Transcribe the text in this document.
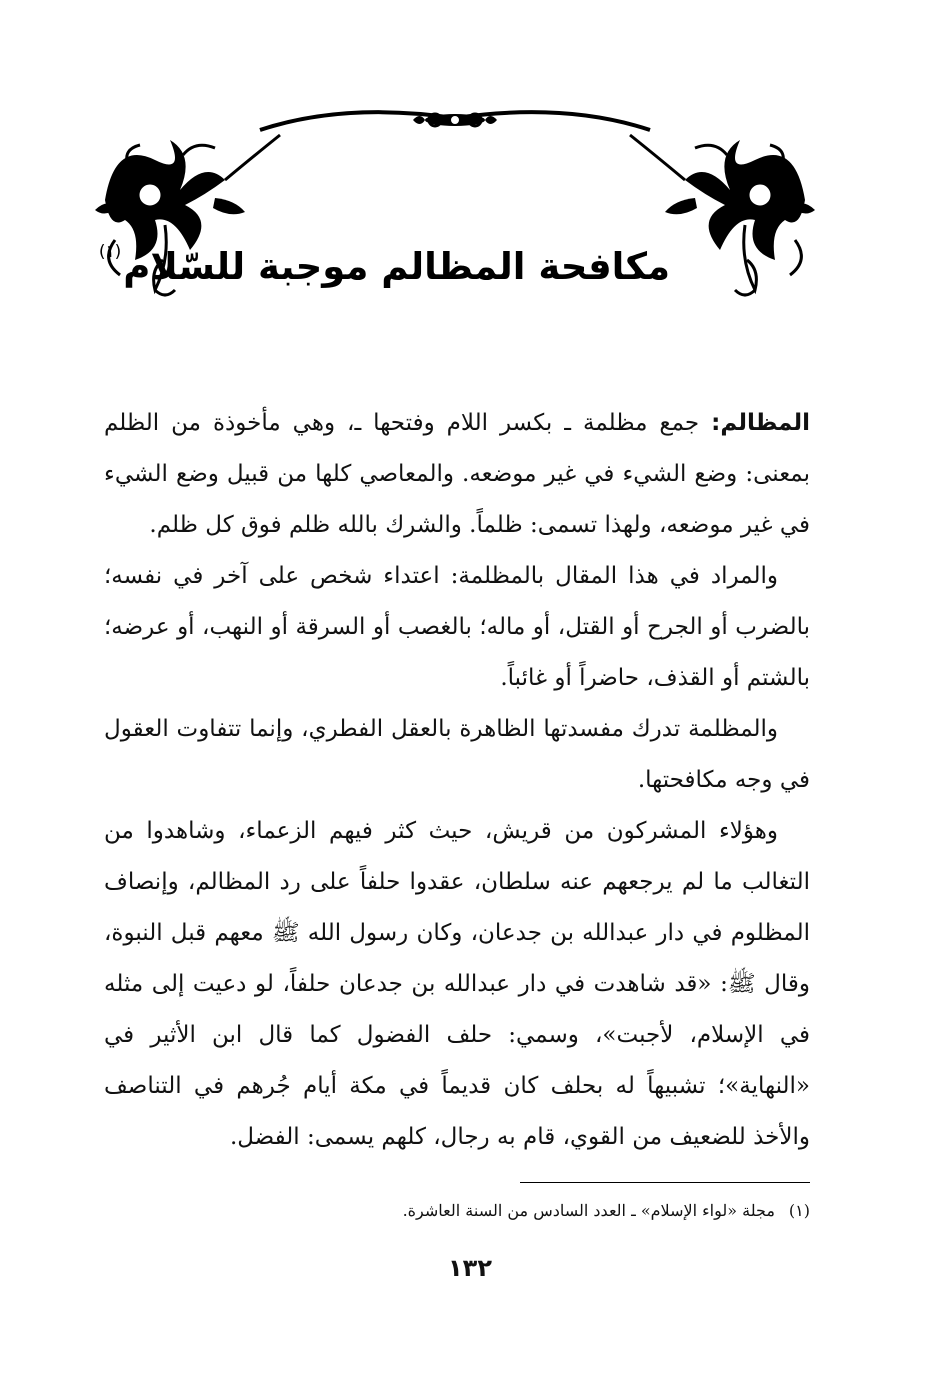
مكافحة المظالم موجبة للسّلام$^{(١)}$

المظالم: جمع مظلمة ـ بكسر اللام وفتحها ـ، وهي مأخوذة من الظلم بمعنى: وضع الشيء في غير موضعه. والمعاصي كلها من قبيل وضع الشيء في غير موضعه، ولهذا تسمى: ظلماً. والشرك بالله ظلم فوق كل ظلم.

والمراد في هذا المقال بالمظلمة: اعتداء شخص على آخر في نفسه؛ بالضرب أو الجرح أو القتل، أو ماله؛ بالغصب أو السرقة أو النهب، أو عرضه؛ بالشتم أو القذف، حاضراً أو غائباً.

والمظلمة تدرك مفسدتها الظاهرة بالعقل الفطري، وإنما تتفاوت العقول في وجه مكافحتها.

وهؤلاء المشركون من قريش، حيث كثر فيهم الزعماء، وشاهدوا من التغالب ما لم يرجعهم عنه سلطان، عقدوا حلفاً على رد المظالم، وإنصاف المظلوم في دار عبدالله بن جدعان، وكان رسول الله ﷺ معهم قبل النبوة، وقال ﷺ: «قد شاهدت في دار عبدالله بن جدعان حلفاً، لو دعيت إلى مثله في الإسلام، لأجبت»، وسمي: حلف الفضول كما قال ابن الأثير في «النهاية»؛ تشبيهاً له بحلف كان قديماً في مكة أيام جُرهم في التناصف والأخذ للضعيف من القوي، قام به رجال، كلهم يسمى: الفضل.

(١)مجلة «لواء الإسلام» ـ العدد السادس من السنة العاشرة.
١٣٢
